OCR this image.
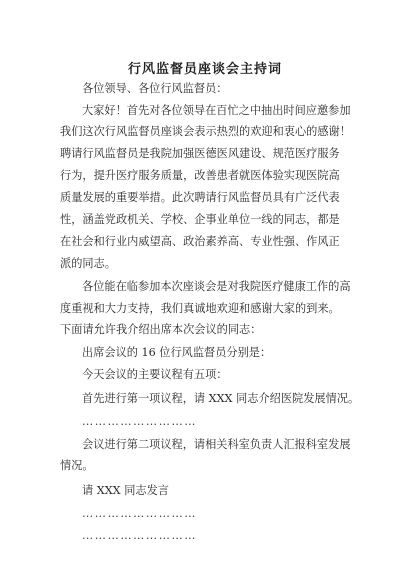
行风监督员座谈会主持词
各位领导、各位行风监督员：
大家好！首先对各位领导在百忙之中抽出时间应邀参加
我们这次行风监督员座谈会表示热烈的欢迎和衷心的感谢！
聘请行风监督员是我院加强医德医风建设、规范医疗服务
行为，提升医疗服务质量，改善患者就医体验实现医院高
质量发展的重要举措。此次聘请行风监督员具有广泛代表
性，涵盖党政机关、学校、企事业单位一线的同志，都是
在社会和行业内威望高、政治素养高、专业性强、作风正
派的同志。
各位能在临参加本次座谈会是对我院医疗健康工作的高
度重视和大力支持，我们真诚地欢迎和感谢大家的到来。
下面请允许我介绍出席本次会议的同志：
出席会议的 16 位行风监督员分别是：
今天会议的主要议程有五项：
首先进行第一项议程，请 XXX 同志介绍医院发展情况。
………………………
会议进行第二项议程，请相关科室负责人汇报科室发展
情况。
请 XXX 同志发言
………………………
………………………
